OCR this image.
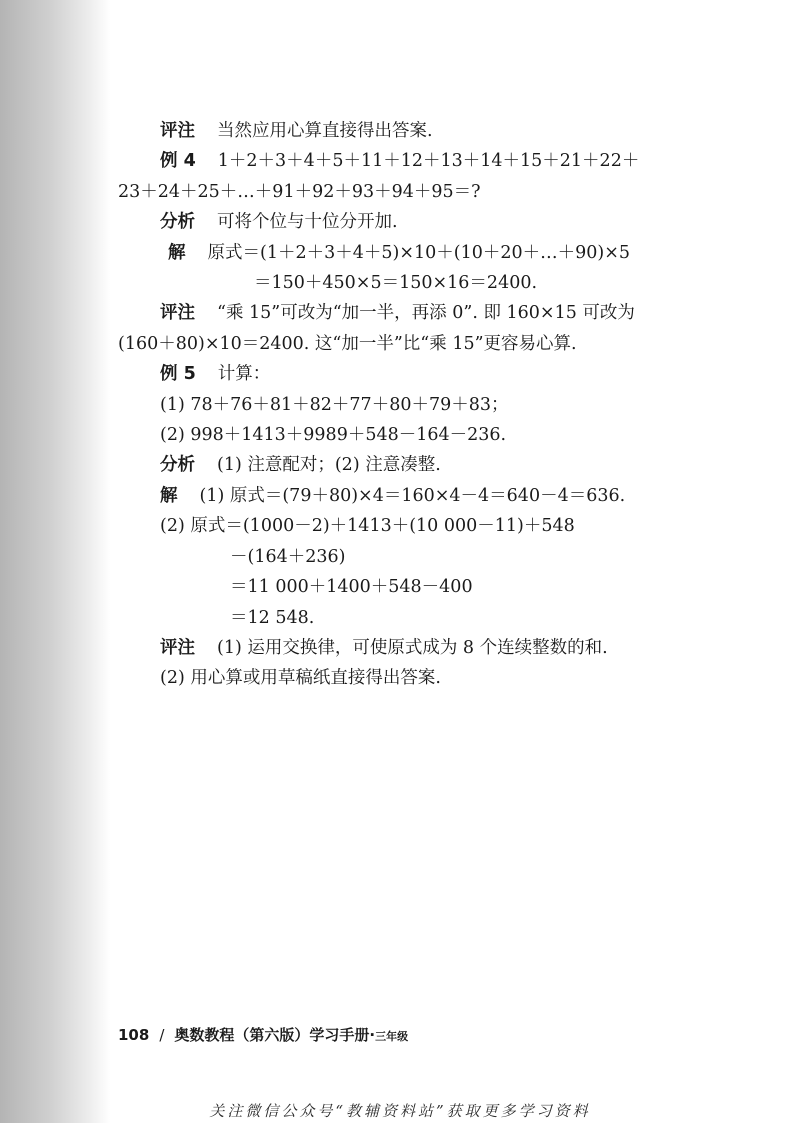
评注 当然应用心算直接得出答案.
例 4 1＋2＋3＋4＋5＋11＋12＋13＋14＋15＋21＋22＋
23＋24＋25＋…＋91＋92＋93＋94＋95＝?
分析 可将个位与十位分开加.
解 原式＝(1＋2＋3＋4＋5)×10＋(10＋20＋…＋90)×5
＝150＋450×5＝150×16＝2400.
评注 “乘 15”可改为“加一半，再添 0”. 即 160×15 可改为
(160＋80)×10＝2400. 这“加一半”比“乘 15”更容易心算.
例 5 计算：
(1) 78＋76＋81＋82＋77＋80＋79＋83；
(2) 998＋1413＋9989＋548－164－236.
分析 (1) 注意配对；(2) 注意凑整.
解 (1) 原式＝(79＋80)×4＝160×4－4＝640－4＝636.
(2) 原式＝(1000－2)＋1413＋(10 000－11)＋548
－(164＋236)
＝11 000＋1400＋548－400
＝12 548.
评注 (1) 运用交换律，可使原式成为 8 个连续整数的和.
(2) 用心算或用草稿纸直接得出答案.
108 / 奥数教程（第六版）学习手册·三年级
关注微信公众号“教辅资料站”获取更多学习资料
